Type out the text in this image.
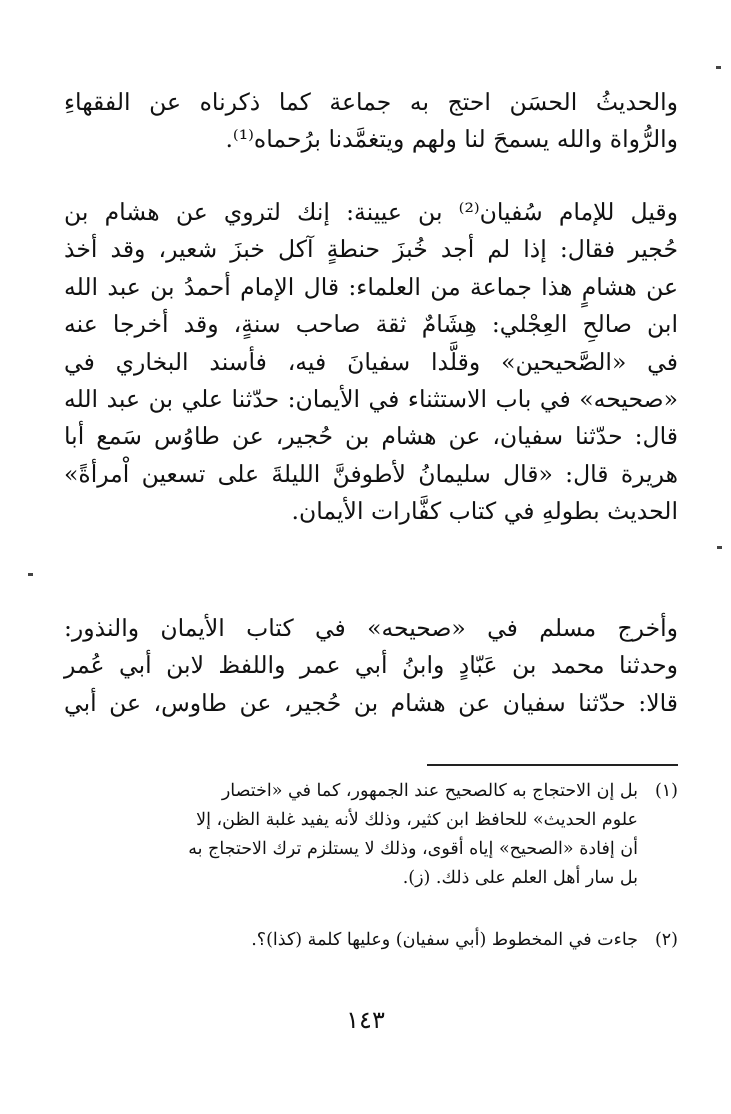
والحديثُ الحسَن احتج به جماعة كما ذكرناه عن الفقهاءِ
والرُّواة والله يسمحَ لنا ولهم ويتغمَّدنا برُحماه⁽¹⁾.
وقيل للإمام سُفيان⁽²⁾ بن عيينة: إنك لتروي عن هشام بن
حُجير فقال: إذا لم أجد خُبزَ حنطةٍ آكل خبزَ شعير، وقد أخذ
عن هشامٍ هذا جماعة من العلماء: قال الإمام أحمدُ بن عبد الله
ابن صالحِ العِجْلي: هِشَامٌ ثقة صاحب سنةٍ، وقد أخرجا عنه
في «الصَّحيحين» وقلَّدا سفيانَ فيه، فأسند البخاري في
«صحيحه» في باب الاستثناء في الأيمان: حدّثنا علي بن عبد الله
قال: حدّثنا سفيان، عن هشام بن حُجير، عن طاوُس سَمع أبا
هريرة قال: «قال سليمانُ لأطوفنَّ الليلةَ على تسعين اْمرأةً»
الحديث بطولهِ في كتاب كفَّارات الأيمان.
وأخرج مسلم في «صحيحه» في كتاب الأيمان والنذور:
وحدثنا محمد بن عَبّادٍ وابنُ أبي عمر واللفظ لابن أبي عُمر
قالا: حدّثنا سفيان عن هشام بن حُجير، عن طاوس، عن أبي
(١)
بل إن الاحتجاج به كالصحيح عند الجمهور، كما في «اختصار
علوم الحديث» للحافظ ابن كثير، وذلك لأنه يفيد غلبة الظن، إلا
أن إفادة «الصحيح» إياه أقوى، وذلك لا يستلزم ترك الاحتجاج به
بل سار أهل العلم على ذلك. (ز).
(٢)
جاءت في المخطوط (أبي سفيان) وعليها كلمة (كذا)؟.
١٤٣
